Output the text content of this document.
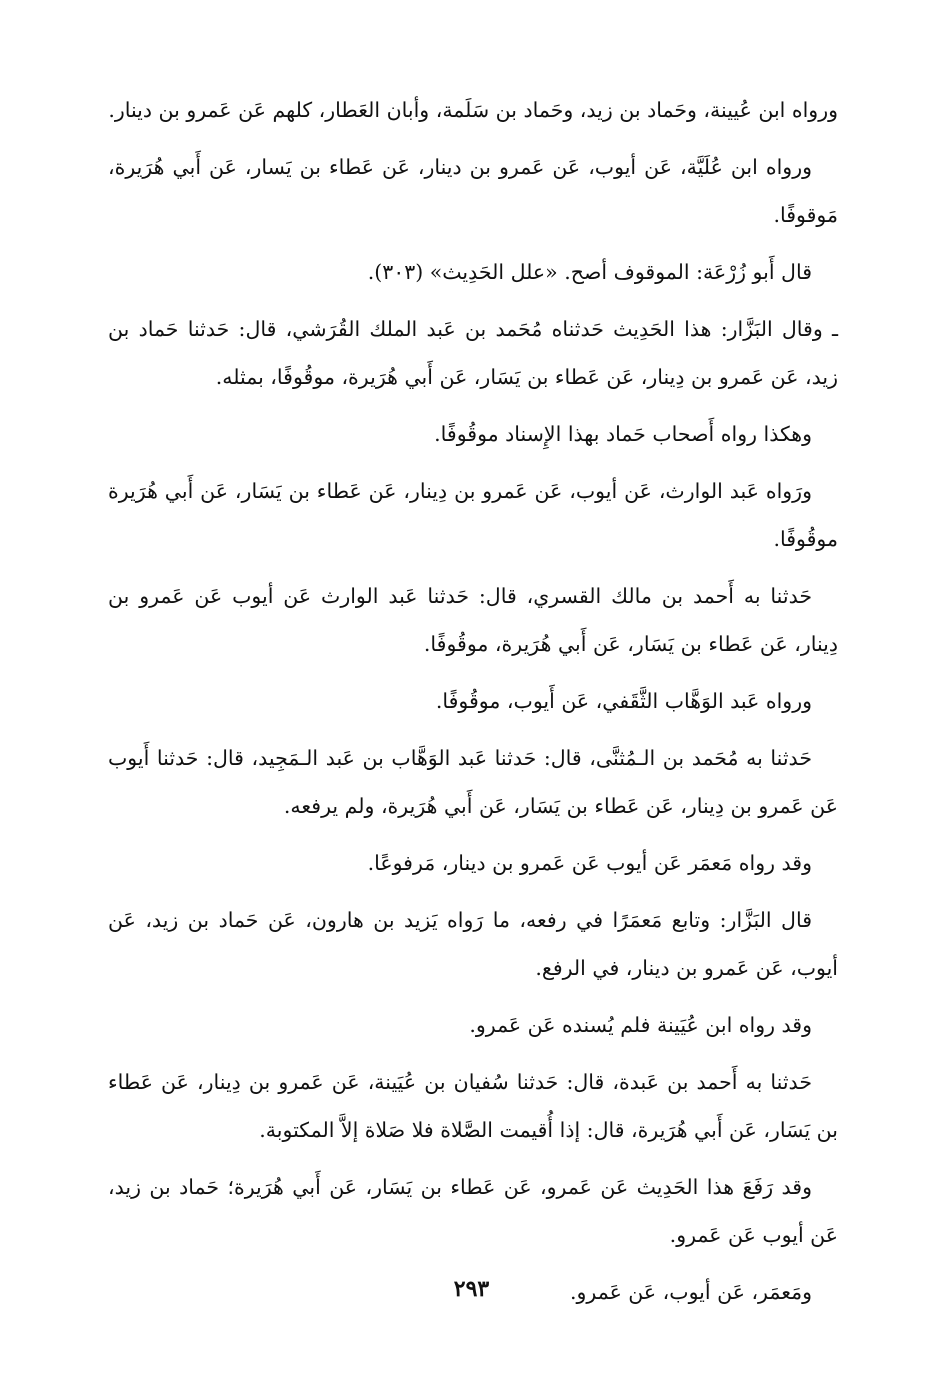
ورواه ابن عُيينة، وحَماد بن زيد، وحَماد بن سَلَمة، وأبان العَطار، كلهم عَن عَمرو بن دينار.

ورواه ابن عُلَيَّة، عَن أيوب، عَن عَمرو بن دينار، عَن عَطاء بن يَسار، عَن أَبي هُرَيرة، مَوقوفًا.

قال أَبو زُرْعَة: الموقوف أصح. «علل الحَدِيث» (٣٠٣).

ـ وقال البَزَّار: هذا الحَدِيث حَدثناه مُحَمد بن عَبد الملك القُرَشي، قال: حَدثنا حَماد بن زيد، عَن عَمرو بن دِينار، عَن عَطاء بن يَسَار، عَن أَبي هُرَيرة، موقُوفًا، بمثله.

وهكذا رواه أَصحاب حَماد بهذا الإِسناد موقُوفًا.

ورَواه عَبد الوارث، عَن أيوب، عَن عَمرو بن دِينار، عَن عَطاء بن يَسَار، عَن أَبي هُرَيرة موقُوفًا.

حَدثنا به أَحمد بن مالك القسري، قال: حَدثنا عَبد الوارث عَن أيوب عَن عَمرو بن دِينار، عَن عَطاء بن يَسَار، عَن أَبي هُرَيرة، موقُوفًا.

ورواه عَبد الوَهَّاب الثَّقَفي، عَن أَيوب، موقُوفًا.

حَدثنا به مُحَمد بن الـمُثنَّى، قال: حَدثنا عَبد الوَهَّاب بن عَبد الـمَجِيد، قال: حَدثنا أَيوب عَن عَمرو بن دِينار، عَن عَطاء بن يَسَار، عَن أَبي هُرَيرة، ولم يرفعه.

وقد رواه مَعمَر عَن أيوب عَن عَمرو بن دينار، مَرفوعًا.

قال البَزَّار: وتابع مَعمَرًا في رفعه، ما رَواه يَزيد بن هارون، عَن حَماد بن زيد، عَن أيوب، عَن عَمرو بن دينار، في الرفع.

وقد رواه ابن عُيَينة فلم يُسنده عَن عَمرو.

حَدثنا به أَحمد بن عَبدة، قال: حَدثنا سُفيان بن عُيَينة، عَن عَمرو بن دِينار، عَن عَطاء بن يَسَار، عَن أَبي هُرَيرة، قال: إذا أُقيمت الصَّلاة فلا صَلاة إلاَّ المكتوبة.

وقد رَفَعَ هذا الحَدِيث عَن عَمرو، عَن عَطاء بن يَسَار، عَن أَبي هُرَيرة؛ حَماد بن زيد، عَن أيوب عَن عَمرو.

ومَعمَر، عَن أيوب، عَن عَمرو.

٢٩٣
